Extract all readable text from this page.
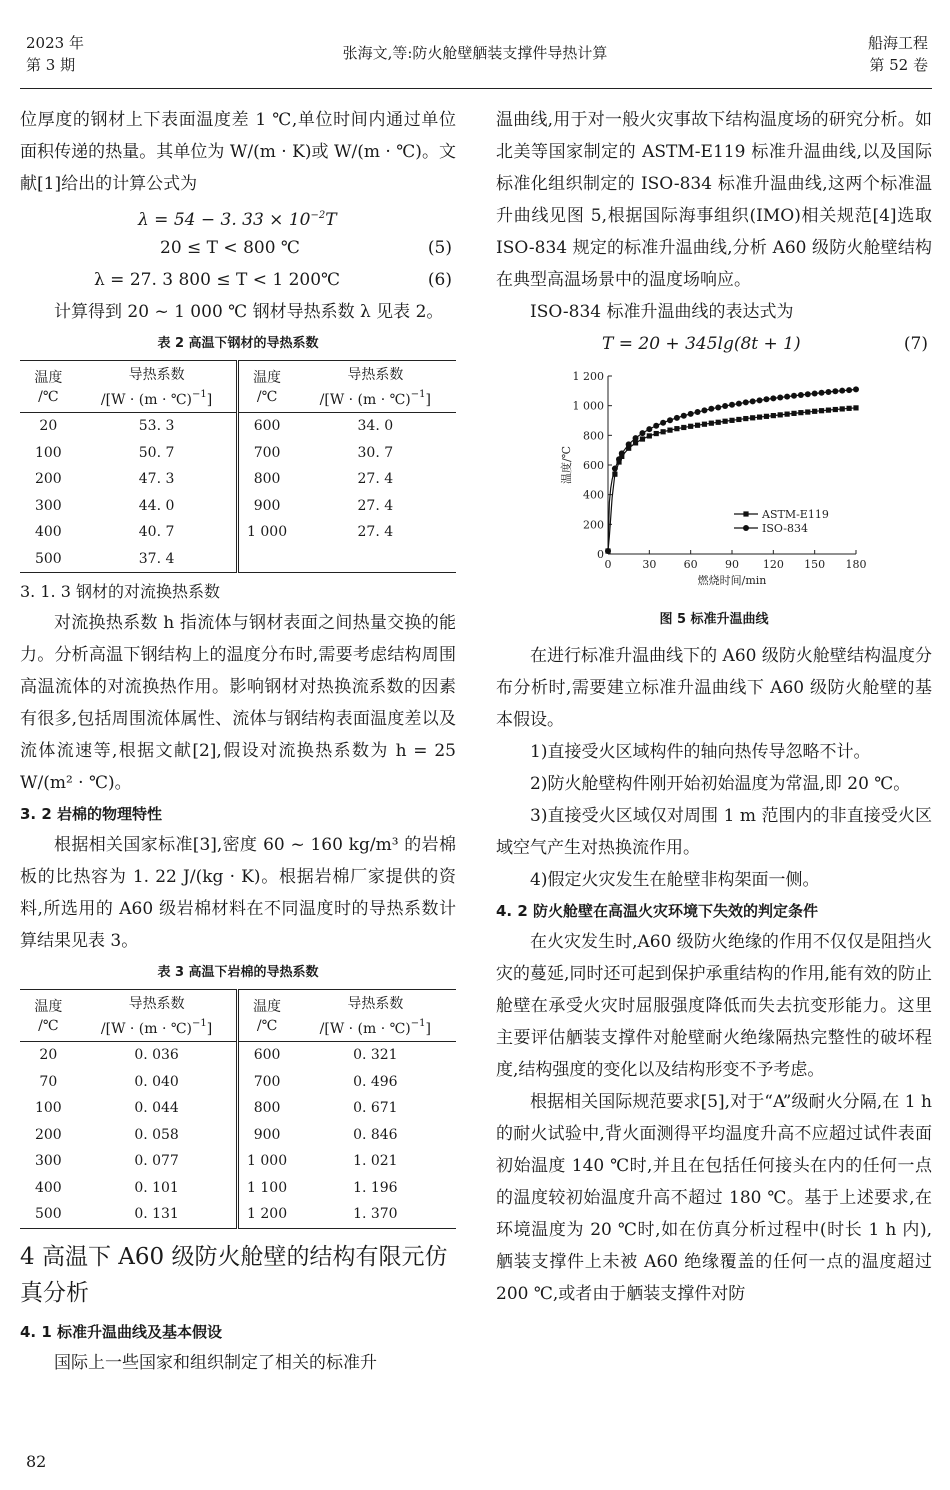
2023 年
第 3 期
张海文,等:防火舱壁舾装支撑件导热计算
船海工程
第 52 卷

位厚度的钢材上下表面温度差 1 ℃,单位时间内通过单位面积传递的热量。其单位为 W/(m · K)或 W/(m · ℃)。文献[1]给出的计算公式为

λ = 54 − 3. $33 \times 10^{-2}T$
20 ≤ T < 800 ℃	(5)
λ = 27. 3 800 ≤ T < 1 200℃	(6)

计算得到 20 ~ 1 000 ℃ 钢材导热系数 λ 见表 2。

表 2 高温下钢材的导热系数
温度
/℃	导热系数
/[W · (m · ℃)$^{-1}$]	温度
/℃	导热系数
/[W · (m · ℃)$^{-1}$]
20	53. 3	600	34. 0
100	50. 7	700	30. 7
200	47. 3	800	27. 4
300	44. 0	900	27. 4
400	40. 7	1 000	27. 4
500	37. 4		

3. 1. 3 钢材的对流换热系数

对流换热系数 h 指流体与钢材表面之间热量交换的能力。分析高温下钢结构上的温度分布时,需要考虑结构周围高温流体的对流换热作用。影响钢材对热换流系数的因素有很多,包括周围流体属性、流体与钢结构表面温度差以及流体流速等,根据文献[2],假设对流换热系数为 h = 25 W/(m² · ℃)。

3. 2 岩棉的物理特性

根据相关国家标准[3],密度 60 ~ 160 kg/m³ 的岩棉板的比热容为 1. 22 J/(kg · K)。根据岩棉厂家提供的资料,所选用的 A60 级岩棉材料在不同温度时的导热系数计算结果见表 3。

表 3 高温下岩棉的导热系数
温度
/℃	导热系数
/[W · (m · ℃)$^{-1}$]	温度
/℃	导热系数
/[W · (m · ℃)$^{-1}$]
20	0. 036	600	0. 321
70	0. 040	700	0. 496
100	0. 044	800	0. 671
200	0. 058	900	0. 846
300	0. 077	1 000	1. 021
400	0. 101	1 100	1. 196
500	0. 131	1 200	1. 370

4 高温下 A60 级防火舱壁的结构有限元仿真分析

4. 1 标准升温曲线及基本假设

国际上一些国家和组织制定了相关的标准升

温曲线,用于对一般火灾事故下结构温度场的研究分析。如北美等国家制定的 ASTM-E119 标准升温曲线,以及国际标准化组织制定的 ISO-834 标准升温曲线,这两个标准温升曲线见图 5,根据国际海事组织(IMO)相关规范[4]选取 ISO-834 规定的标准升温曲线,分析 A60 级防火舱壁结构在典型高温场景中的温度场响应。

ISO-834 标准升温曲线的表达式为

T = 20 + 345lg(8t + 1)	(7)
0	30 60 90 120 150 180
0
200
400
600
800
1 000
1 200
燃烧时间/min
温度/℃
ASTM-E119
ISO-834
图 5 标准升温曲线

在进行标准升温曲线下的 A60 级防火舱壁结构温度分布分析时,需要建立标准升温曲线下 A60 级防火舱壁的基本假设。

1)直接受火区域构件的轴向热传导忽略不计。

2)防火舱壁构件刚开始初始温度为常温,即 20 ℃。

3)直接受火区域仅对周围 1 m 范围内的非直接受火区域空气产生对热换流作用。

4)假定火灾发生在舱壁非构架面一侧。

4. 2 防火舱壁在高温火灾环境下失效的判定条件

在火灾发生时,A60 级防火绝缘的作用不仅仅是阻挡火灾的蔓延,同时还可起到保护承重结构的作用,能有效的防止舱壁在承受火灾时屈服强度降低而失去抗变形能力。这里主要评估舾装支撑件对舱壁耐火绝缘隔热完整性的破坏程度,结构强度的变化以及结构形变不予考虑。

根据相关国际规范要求[5],对于“A”级耐火分隔,在 1 h 的耐火试验中,背火面测得平均温度升高不应超过试件表面初始温度 140 ℃时,并且在包括任何接头在内的任何一点的温度较初始温度升高不超过 180 ℃。基于上述要求,在环境温度为 20 ℃时,如在仿真分析过程中(时长 1 h 内),舾装支撑件上未被 A60 绝缘覆盖的任何一点的温度超过 200 ℃,或者由于舾装支撑件对防

82
